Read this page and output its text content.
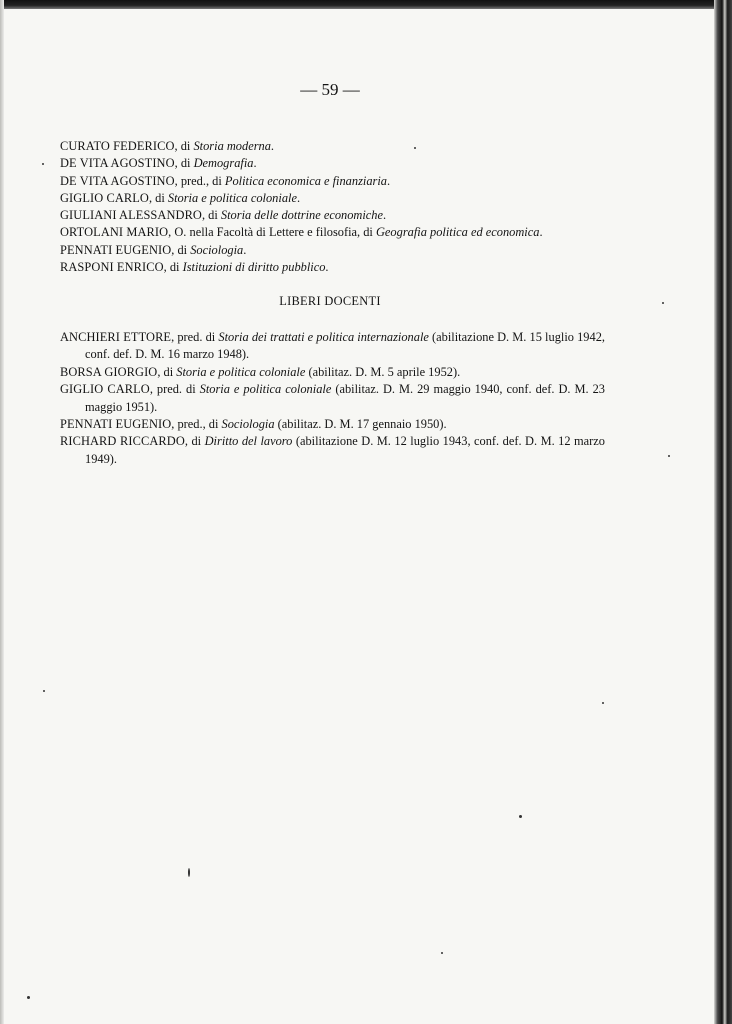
— 59 —
CURATO FEDERICO, di Storia moderna.
DE VITA AGOSTINO, di Demografia.
DE VITA AGOSTINO, pred., di Politica economica e finanziaria.
GIGLIO CARLO, di Storia e politica coloniale.
GIULIANI ALESSANDRO, di Storia delle dottrine economiche.
ORTOLANI MARIO, O. nella Facoltà di Lettere e filosofia, di Geografia politica ed economica.
PENNATI EUGENIO, di Sociologia.
RASPONI ENRICO, di Istituzioni di diritto pubblico.
LIBERI DOCENTI
ANCHIERI ETTORE, pred. di Storia dei trattati e politica internazionale (abilitazione D. M. 15 luglio 1942, conf. def. D. M. 16 marzo 1948).
BORSA GIORGIO, di Storia e politica coloniale (abilitaz. D. M. 5 aprile 1952).
GIGLIO CARLO, pred. di Storia e politica coloniale (abilitaz. D. M. 29 maggio 1940, conf. def. D. M. 23 maggio 1951).
PENNATI EUGENIO, pred., di Sociologia (abilitaz. D. M. 17 gennaio 1950).
RICHARD RICCARDO, di Diritto del lavoro (abilitazione D. M. 12 luglio 1943, conf. def. D. M. 12 marzo 1949).
